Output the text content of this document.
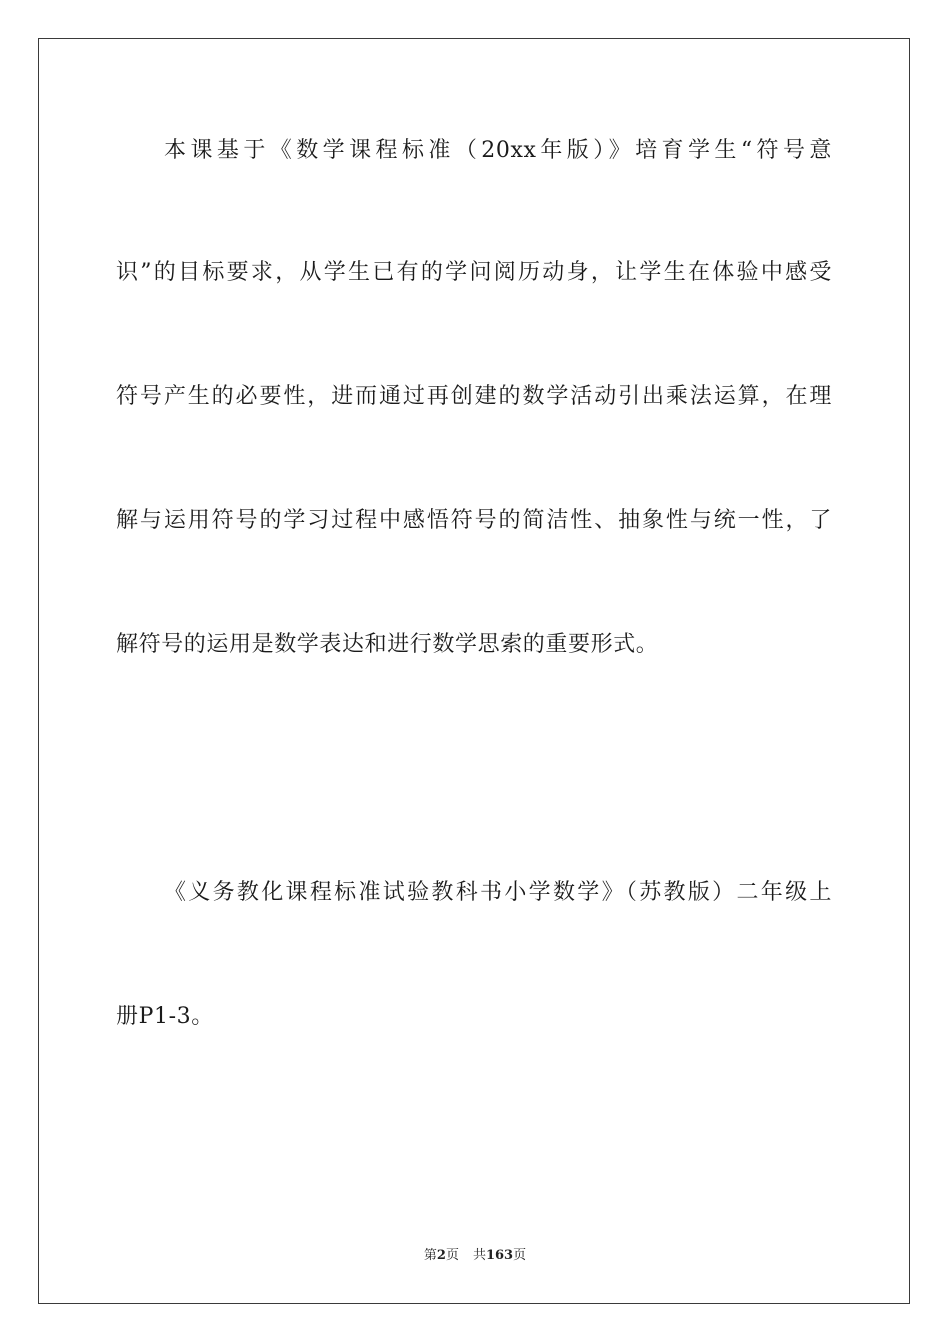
本课基于《数学课程标准（20xx年版）》培育学生“符号意
识”的目标要求，从学生已有的学问阅历动身，让学生在体验中感受
符号产生的必要性，进而通过再创建的数学活动引出乘法运算，在理
解与运用符号的学习过程中感悟符号的简洁性、抽象性与统一性，了
解符号的运用是数学表达和进行数学思索的重要形式。
《义务教化课程标准试验教科书小学数学》（苏教版）二年级上
册P1-3。
第2页 共163页
